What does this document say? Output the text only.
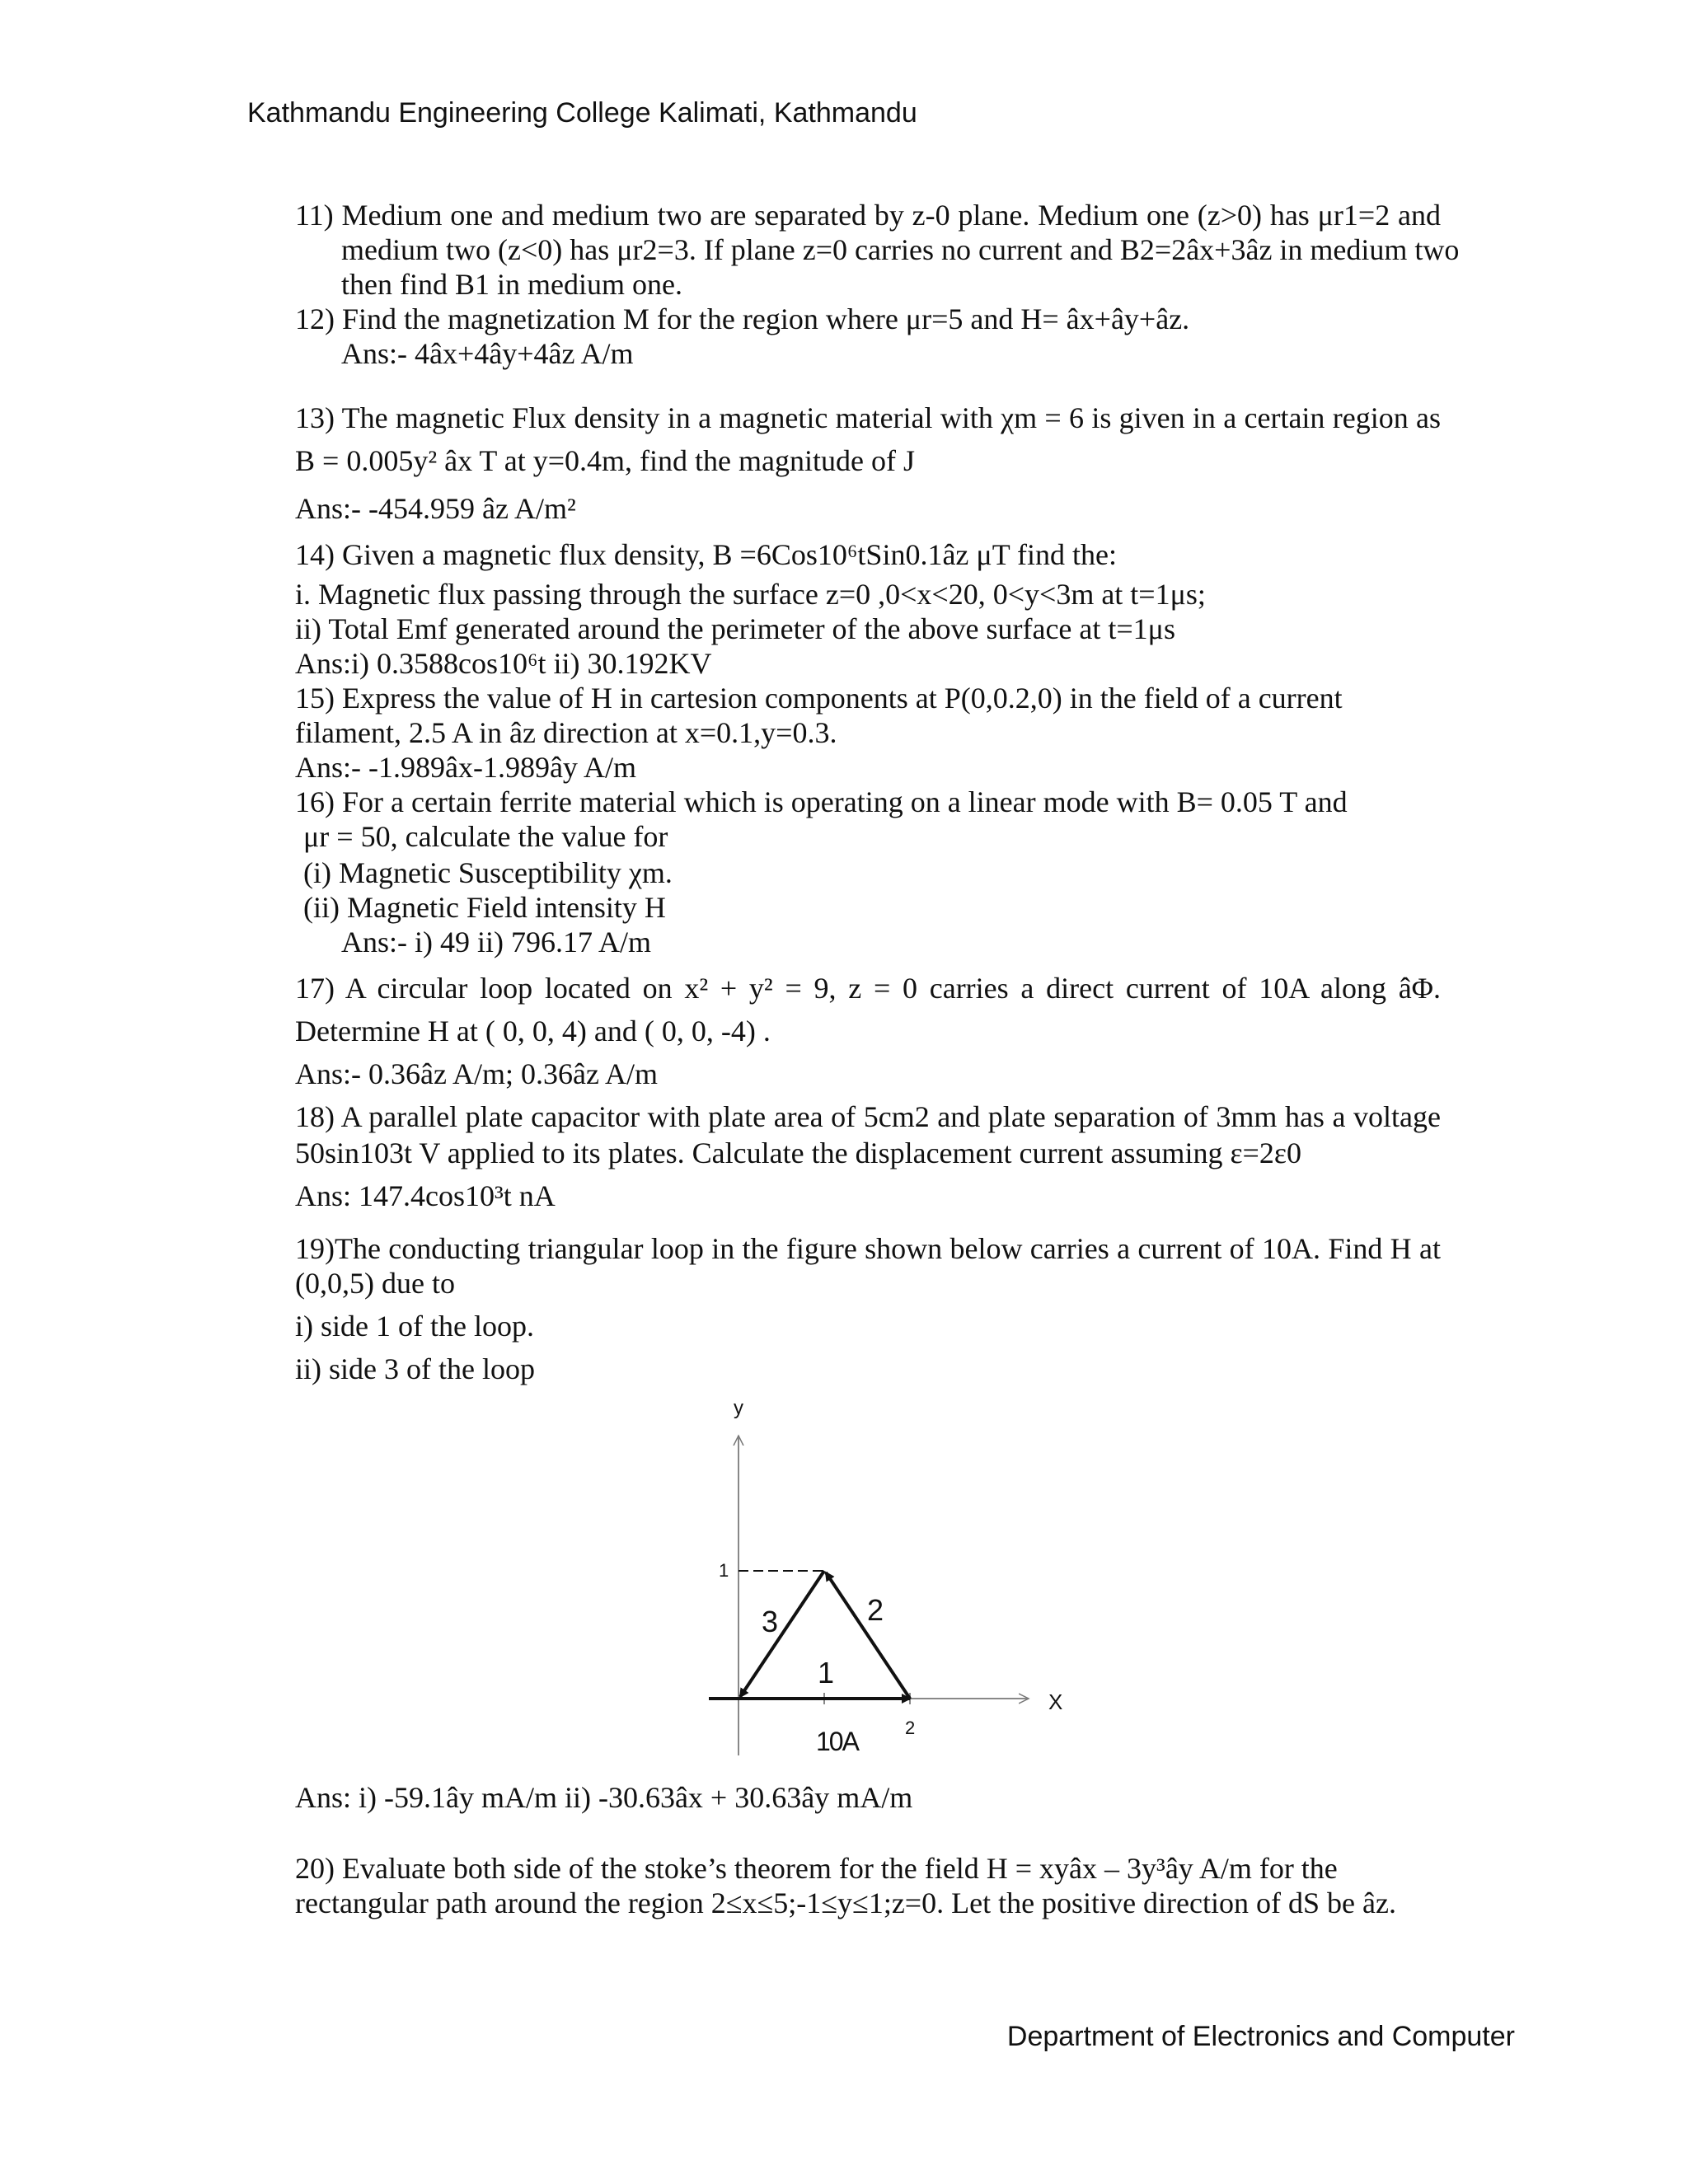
Kathmandu Engineering College Kalimati, Kathmandu
11) Medium one and medium two are separated by z-0 plane. Medium one (z>0) has μr1=2 and
medium two (z<0) has μr2=3. If plane z=0 carries no current and B2=2âx+3âz in medium two
then find B1 in medium one.
12) Find the magnetization M for the region where μr=5 and H= âx+ây+âz.
Ans:- 4âx+4ây+4âz A/m
13) The magnetic Flux density in a magnetic material with χm = 6 is given in a certain region as
B = 0.005y² âx T at y=0.4m, find the magnitude of J
Ans:- -454.959 âz A/m²
14) Given a magnetic flux density, B =6Cos10⁶tSin0.1âz μT find the:
i. Magnetic flux passing through the surface z=0 ,0<x<20, 0<y<3m at t=1μs;
ii) Total Emf generated around the perimeter of the above surface at t=1μs
Ans:i) 0.3588cos10⁶t ii) 30.192KV
15) Express the value of H in cartesion components at P(0,0.2,0) in the field of a current
filament, 2.5 A in âz direction at x=0.1,y=0.3.
Ans:- -1.989âx-1.989ây A/m
16) For a certain ferrite material which is operating on a linear mode with B= 0.05 T and
μr = 50, calculate the value for
(i) Magnetic Susceptibility χm.
(ii) Magnetic Field intensity H
Ans:- i) 49 ii) 796.17 A/m
17) A circular loop located on x² + y² = 9, z = 0 carries a direct current of 10A along âΦ.
Determine H at ( 0, 0, 4) and ( 0, 0, -4) .
Ans:- 0.36âz A/m; 0.36âz A/m
18) A parallel plate capacitor with plate area of 5cm2 and plate separation of 3mm has a voltage
50sin103t V applied to its plates. Calculate the displacement current assuming ε=2ε0
Ans: 147.4cos10³t nA
19)The conducting triangular loop in the figure shown below carries a current of 10A. Find H at
(0,0,5) due to
i) side 1 of the loop.
ii) side 3 of the loop
y
X
1
2
1
2
3
10A
Ans: i) -59.1ây mA/m ii) -30.63âx + 30.63ây mA/m
20) Evaluate both side of the stoke’s theorem for the field H = xyâx – 3y³ây A/m for the
rectangular path around the region 2≤x≤5;-1≤y≤1;z=0. Let the positive direction of dS be âz.
Department of Electronics and Computer
